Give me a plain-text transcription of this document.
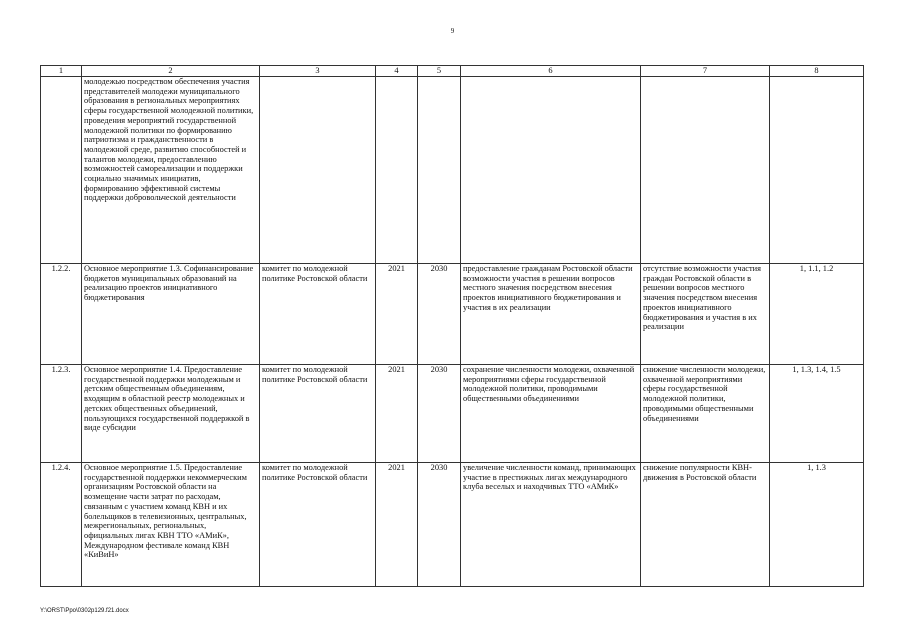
9
1	2	3	4	5	6	7	8
	молодежью посредством обеспечения участия представителей молодежи муниципального образования в региональных мероприятиях сферы государственной молодежной политики, проведения мероприятий государственной молодежной политики по формированию патриотизма и гражданственности в молодежной среде, развитию способностей и талантов молодежи, предоставлению возможностей самореализации и поддержки социально значимых инициатив, формированию эффективной системы поддержки добровольческой деятельности						
1.2.2.	Основное мероприятие 1.3. Софинансирование бюджетов муниципальных образований на реализацию проектов инициативного бюджетирования	комитет по молодежной политике Ростовской области	2021	2030	предоставление гражданам Ростовской области возможности участия в решении вопросов местного значения посредством внесения проектов инициативного бюджетирования и участия в их реализации	отсутствие возможности участия граждан Ростовской области в решении вопросов местного значения посредством внесения проектов инициативного бюджетирования и участия в их реализации	1, 1.1, 1.2
1.2.3.	Основное мероприятие 1.4. Предоставление государственной поддержки молодежным и детским общественным объединениям, входящим в областной реестр молодежных и детских общественных объединений, пользующихся государственной поддержкой в виде субсидии	комитет по молодежной политике Ростовской области	2021	2030	сохранение численности молодежи, охваченной мероприятиями сферы государственной молодежной политики, проводимыми общественными объединениями	снижение численности молодежи, охваченной мероприятиями сферы государственной молодежной политики, проводимыми общественными объединениями	1, 1.3, 1.4, 1.5
1.2.4.	Основное мероприятие 1.5. Предоставление государственной поддержки некоммерческим организациям Ростовской области на возмещение части затрат по расходам, связанным с участием команд КВН и их болельщиков в телевизионных, центральных, межрегиональных, региональных, официальных лигах КВН ТТО «АМиК», Международном фестивале команд КВН «КиВиН»	комитет по молодежной политике Ростовской области	2021	2030	увеличение численности команд, принимающих участие в престижных лигах международного клуба веселых и находчивых ТТО «АМиК»	снижение популярности КВН-движения в Ростовской области	1, 1.3
Y:\ORST\Ppo\0302p129.f21.docx
